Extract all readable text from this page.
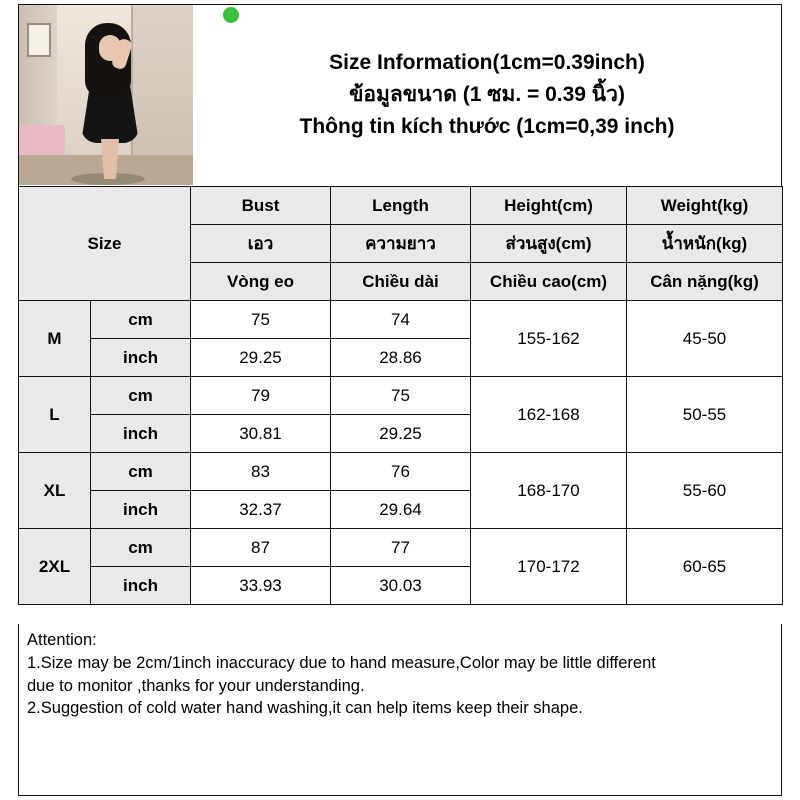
Size Information(1cm=0.39inch)
ข้อมูลขนาด (1 ซม. = 0.39 นิ้ว)
Thông tin kích thước (1cm=0,39 inch)
Size		Bust	Length	Height(cm)	Weight(kg)
		เอว	ความยาว	ส่วนสูง(cm)	น้ำหนัก(kg)
		Vòng eo	Chiều dài	Chiều cao(cm)	Cân nặng(kg)
M	cm	75	74	155-162	45-50
	inch	29.25	28.86		
L	cm	79	75	162-168	50-55
	inch	30.81	29.25		
XL	cm	83	76	168-170	55-60
	inch	32.37	29.64		
2XL	cm	87	77	170-172	60-65
	inch	33.93	30.03		

Attention:

1.Size may be 2cm/1inch inaccuracy due to hand measure,Color may be little different

due to monitor ,thanks for your understanding.

2.Suggestion of cold water hand washing,it can help items keep their shape.
